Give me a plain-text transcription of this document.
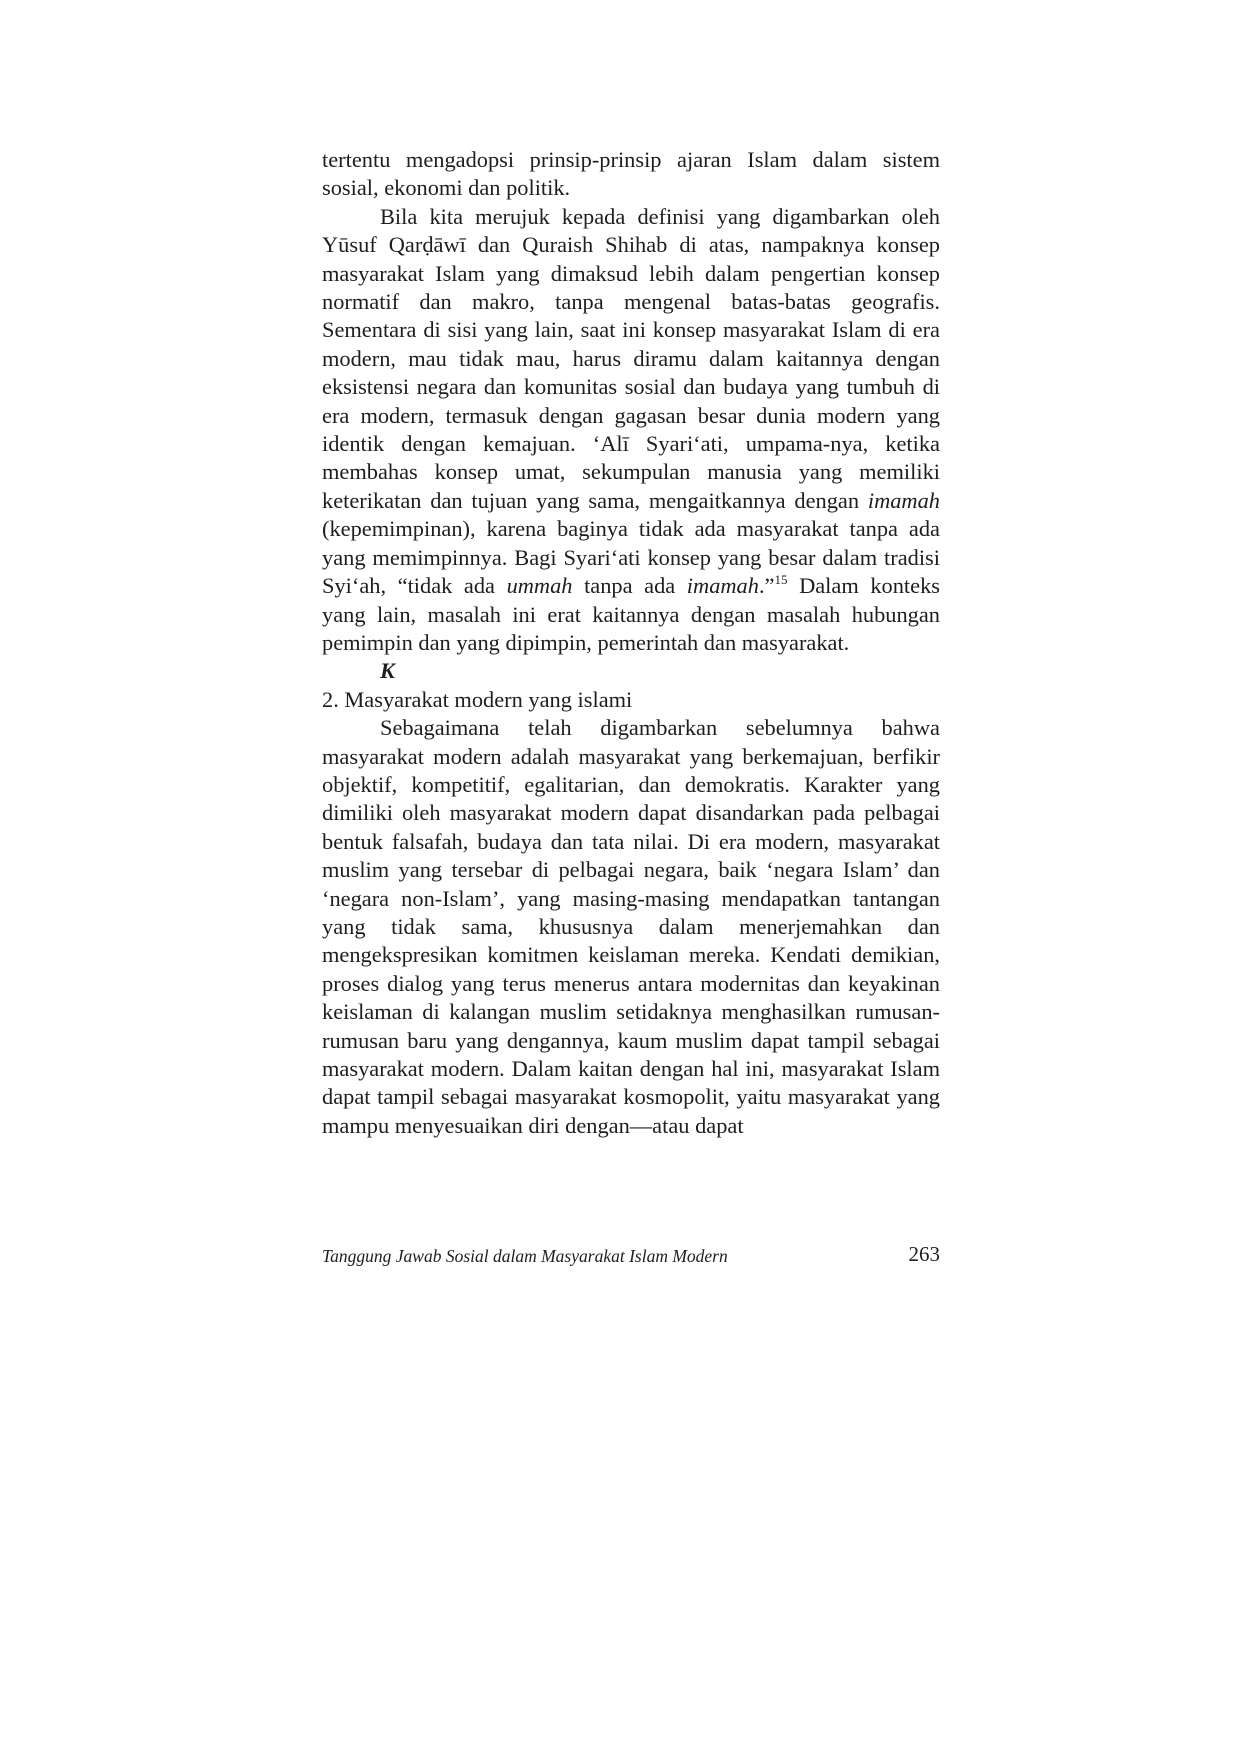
tertentu mengadopsi prinsip-prinsip ajaran Islam dalam sistem sosial, ekonomi dan politik.

Bila kita merujuk kepada definisi yang digambarkan oleh Yūsuf Qarḍāwī dan Quraish Shihab di atas, nampaknya konsep masyarakat Islam yang dimaksud lebih dalam pengertian konsep normatif dan makro, tanpa mengenal batas-batas geografis. Sementara di sisi yang lain, saat ini konsep masyarakat Islam di era modern, mau tidak mau, harus diramu dalam kaitannya dengan eksistensi negara dan komunitas sosial dan budaya yang tumbuh di era modern, termasuk dengan gagasan besar dunia modern yang identik dengan kemajuan. ‘Alī Syari‘ati, umpama-nya, ketika membahas konsep umat, sekumpulan manusia yang memiliki keterikatan dan tujuan yang sama, mengaitkannya dengan imamah (kepemimpinan), karena baginya tidak ada masyarakat tanpa ada yang memimpinnya. Bagi Syari‘ati konsep yang besar dalam tradisi Syi‘ah, “tidak ada ummah tanpa ada imamah.”$^{15}$ Dalam konteks yang lain, masalah ini erat kaitannya dengan masalah hubungan pemimpin dan yang dipimpin, pemerintah dan masyarakat.

K

2. Masyarakat modern yang islami

Sebagaimana telah digambarkan sebelumnya bahwa masyarakat modern adalah masyarakat yang berkemajuan, berfikir objektif, kompetitif, egalitarian, dan demokratis. Karakter yang dimiliki oleh masyarakat modern dapat disandarkan pada pelbagai bentuk falsafah, budaya dan tata nilai. Di era modern, masyarakat muslim yang tersebar di pelbagai negara, baik ‘negara Islam’ dan ‘negara non-Islam’, yang masing-masing mendapatkan tantangan yang tidak sama, khususnya dalam menerjemahkan dan mengekspresikan komitmen keislaman mereka. Kendati demikian, proses dialog yang terus menerus antara modernitas dan keyakinan keislaman di kalangan muslim setidaknya menghasilkan rumusan-rumusan baru yang dengannya, kaum muslim dapat tampil sebagai masyarakat modern. Dalam kaitan dengan hal ini, masyarakat Islam dapat tampil sebagai masyarakat kosmopolit, yaitu masyarakat yang mampu menyesuaikan diri dengan—atau dapat

Tanggung Jawab Sosial dalam Masyarakat Islam Modern	263
